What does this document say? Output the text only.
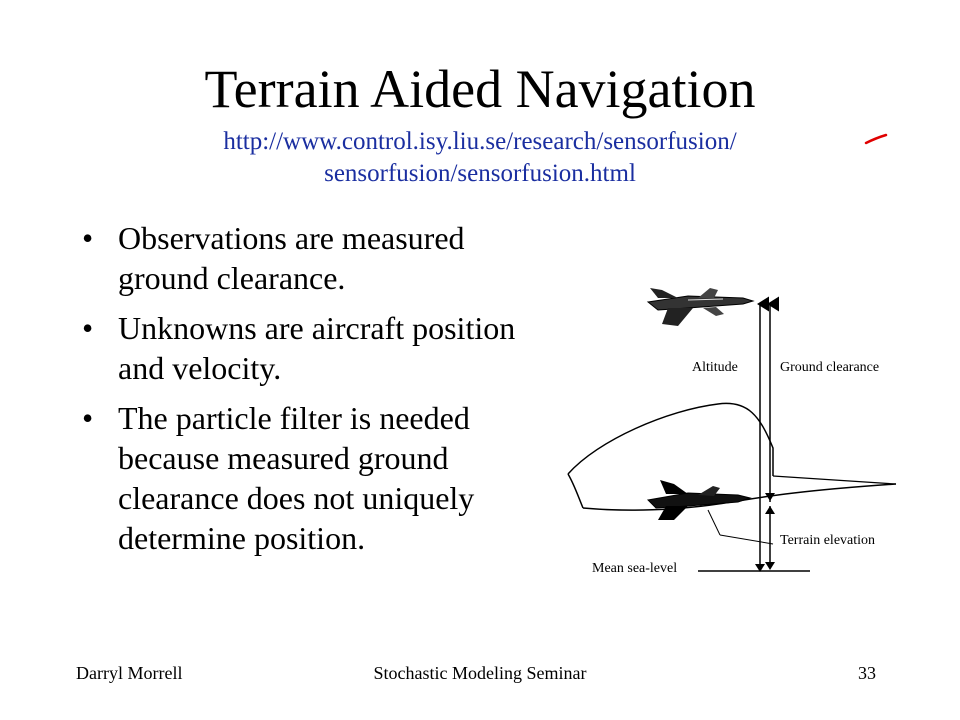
Terrain Aided Navigation
http://www.control.isy.liu.se/research/sensorfusion/
sensorfusion/sensorfusion.html
• Observations are measured ground clearance.
• Unknowns are aircraft position and velocity.
• The particle filter is needed because measured ground clearance does not uniquely determine position.
Altitude	Ground clearance
Terrain elevation
Mean sea-level
Darryl Morrell	Stochastic Modeling Seminar	33
